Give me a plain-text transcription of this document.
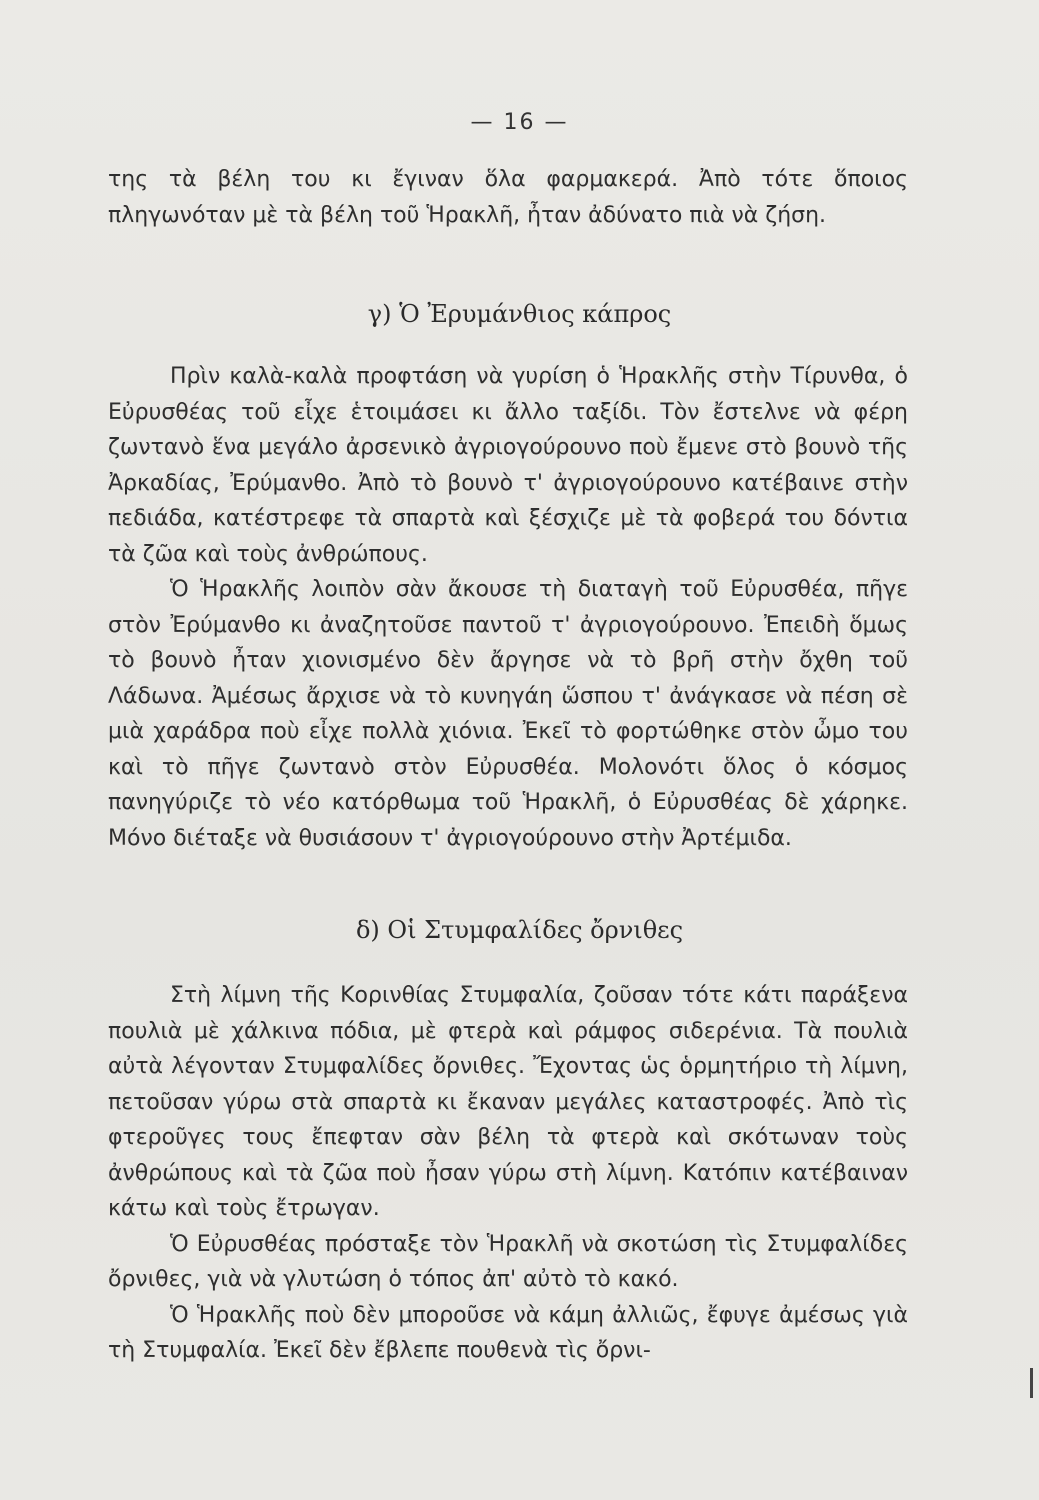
— 16 —

της τὰ βέλη του κι ἔγιναν ὅλα φαρμακερά. Ἀπὸ τότε ὅποιος πληγωνόταν μὲ τὰ βέλη τοῦ Ἡρακλῆ, ἦταν ἀδύνατο πιὰ νὰ ζήση.

γ) Ὁ Ἐρυμάνθιος κάπρος

Πρὶν καλὰ-καλὰ προφτάση νὰ γυρίση ὁ Ἡρακλῆς στὴν Τίρυνθα, ὁ Εὐρυσθέας τοῦ εἶχε ἑτοιμάσει κι ἄλλο ταξίδι. Τὸν ἔστελνε νὰ φέρη ζωντανὸ ἕνα μεγάλο ἀρσενικὸ ἀγριογούρουνο ποὺ ἔμενε στὸ βουνὸ τῆς Ἀρκαδίας, Ἐρύμανθο. Ἀπὸ τὸ βουνὸ τ' ἀγριογούρουνο κατέβαινε στὴν πεδιάδα, κατέστρεφε τὰ σπαρτὰ καὶ ξέσχιζε μὲ τὰ φοβερά του δόντια τὰ ζῶα καὶ τοὺς ἀνθρώπους.

Ὁ Ἡρακλῆς λοιπὸν σὰν ἄκουσε τὴ διαταγὴ τοῦ Εὐρυσθέα, πῆγε στὸν Ἐρύμανθο κι ἀναζητοῦσε παντοῦ τ' ἀγριογούρουνο. Ἐπειδὴ ὅμως τὸ βουνὸ ἦταν χιονισμένο δὲν ἄργησε νὰ τὸ βρῆ στὴν ὄχθη τοῦ Λάδωνα. Ἀμέσως ἄρχισε νὰ τὸ κυνηγάη ὥσπου τ' ἀνάγκασε νὰ πέση σὲ μιὰ χαράδρα ποὺ εἶχε πολλὰ χιόνια. Ἐκεῖ τὸ φορτώθηκε στὸν ὦμο του καὶ τὸ πῆγε ζωντανὸ στὸν Εὐρυσθέα. Μολονότι ὅλος ὁ κόσμος πανηγύριζε τὸ νέο κατόρθωμα τοῦ Ἡρακλῆ, ὁ Εὐρυσθέας δὲ χάρηκε. Μόνο διέταξε νὰ θυσιάσουν τ' ἀγριογούρουνο στὴν Ἀρτέμιδα.

δ) Οἱ Στυμφαλίδες ὄρνιθες

Στὴ λίμνη τῆς Κορινθίας Στυμφαλία, ζοῦσαν τότε κάτι παράξενα πουλιὰ μὲ χάλκινα πόδια, μὲ φτερὰ καὶ ράμφος σιδερένια. Τὰ πουλιὰ αὐτὰ λέγονταν Στυμφαλίδες ὄρνιθες. Ἔχοντας ὡς ὁρμητήριο τὴ λίμνη, πετοῦσαν γύρω στὰ σπαρτὰ κι ἔκαναν μεγάλες καταστροφές. Ἀπὸ τὶς φτεροῦγες τους ἔπεφταν σὰν βέλη τὰ φτερὰ καὶ σκότωναν τοὺς ἀνθρώπους καὶ τὰ ζῶα ποὺ ἦσαν γύρω στὴ λίμνη. Κατόπιν κατέβαιναν κάτω καὶ τοὺς ἔτρωγαν.

Ὁ Εὐρυσθέας πρόσταξε τὸν Ἡρακλῆ νὰ σκοτώση τὶς Στυμφαλίδες ὄρνιθες, γιὰ νὰ γλυτώση ὁ τόπος ἀπ' αὐτὸ τὸ κακό.

Ὁ Ἡρακλῆς ποὺ δὲν μποροῦσε νὰ κάμη ἀλλιῶς, ἔφυγε ἀμέσως γιὰ τὴ Στυμφαλία. Ἐκεῖ δὲν ἔβλεπε πουθενὰ τὶς ὄρνι-
